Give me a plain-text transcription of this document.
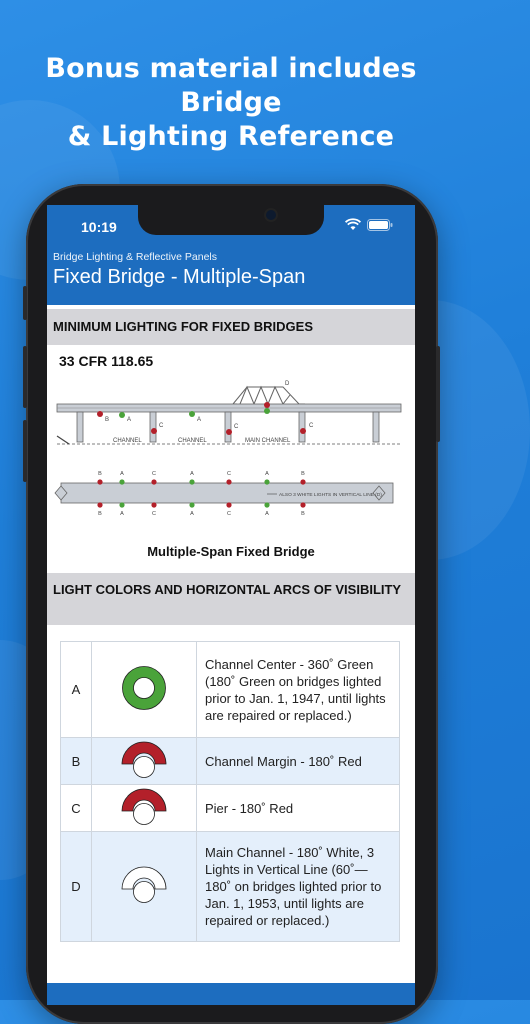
Bonus material includes Bridge
& Lighting Reference
10:19
Bridge Lighting & Reflective Panels
Fixed Bridge - Multiple-Span
MINIMUM LIGHTING FOR FIXED BRIDGES
33 CFR 118.65
B	A
C
A
C
D
C
CHANNEL	CHANNEL	MAIN CHANNEL
B	A	C	A	C	A	B
B	A	C	A	C	A	B
ALSO 3 WHITE LIGHTS IN VERTICAL LINE (D)
Multiple-Span Fixed Bridge
LIGHT COLORS AND HORIZONTAL ARCS OF VISIBILITY
A		Channel Center - 360˚ Green (180˚ Green on bridges lighted prior to Jan. 1, 1947, until lights are repaired or replaced.)
B		Channel Margin - 180˚ Red
C		Pier - 180˚ Red
D		Main Channel - 180˚ White, 3 Lights in Vertical Line (60˚—180˚ on bridges lighted prior to Jan. 1, 1953, until lights are repaired or replaced.)
